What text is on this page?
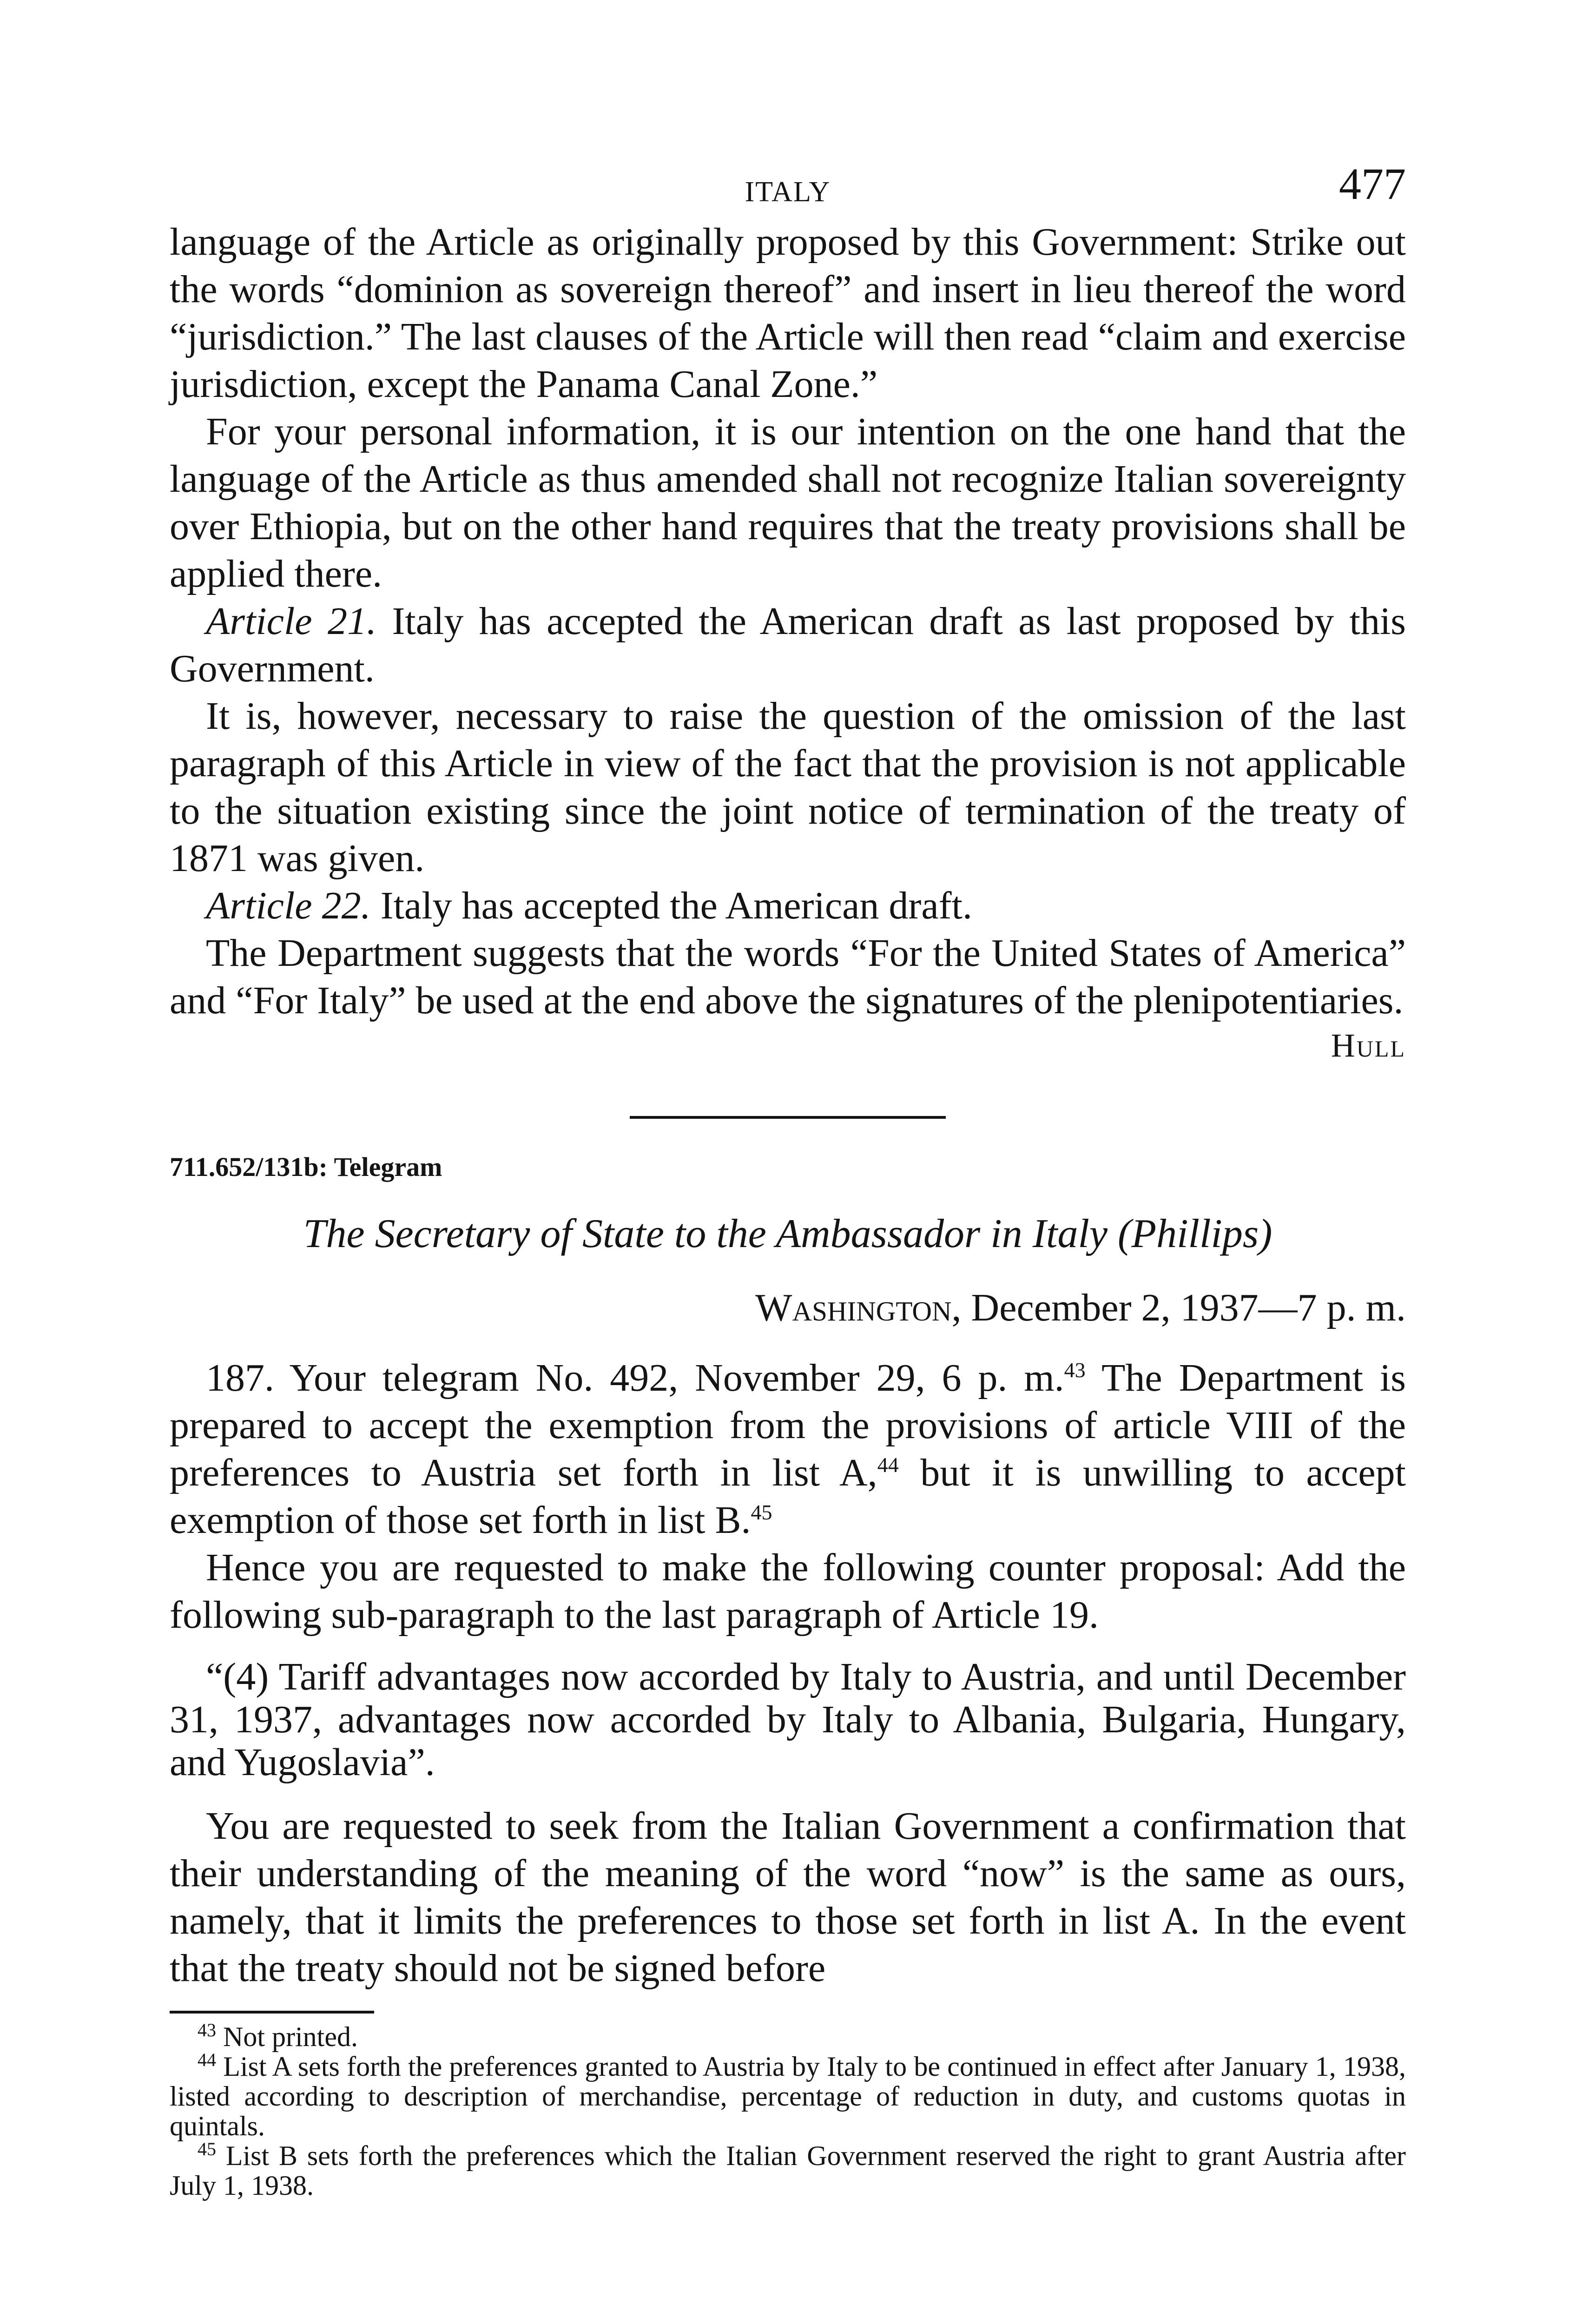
ITALY	477

language of the Article as originally proposed by this Government: Strike out the words “dominion as sovereign thereof” and insert in lieu thereof the word “jurisdiction.” The last clauses of the Article will then read “claim and exercise jurisdiction, except the Panama Canal Zone.”

For your personal information, it is our intention on the one hand that the language of the Article as thus amended shall not recognize Italian sovereignty over Ethiopia, but on the other hand requires that the treaty provisions shall be applied there.

Article 21. Italy has accepted the American draft as last proposed by this Government.

It is, however, necessary to raise the question of the omission of the last paragraph of this Article in view of the fact that the provision is not applicable to the situation existing since the joint notice of termination of the treaty of 1871 was given.

Article 22. Italy has accepted the American draft.

The Department suggests that the words “For the United States of America” and “For Italy” be used at the end above the signatures of the plenipotentiaries.

Hull
711.652/131b: Telegram
The Secretary of State to the Ambassador in Italy (Phillips)
Washington, December 2, 1937—7 p. m.

187. Your telegram No. 492, November 29, 6 p. m.$^{43}$ The Department is prepared to accept the exemption from the provisions of article VIII of the preferences to Austria set forth in list A,$^{44}$ but it is unwilling to accept exemption of those set forth in list B.$^{45}$

Hence you are requested to make the following counter proposal: Add the following sub-paragraph to the last paragraph of Article 19.

“(4) Tariff advantages now accorded by Italy to Austria, and until December 31, 1937, advantages now accorded by Italy to Albania, Bulgaria, Hungary, and Yugoslavia”.

You are requested to seek from the Italian Government a confirmation that their understanding of the meaning of the word “now” is the same as ours, namely, that it limits the preferences to those set forth in list A. In the event that the treaty should not be signed before

$^{43}$ Not printed.
$^{44}$ List A sets forth the preferences granted to Austria by Italy to be continued in effect after January 1, 1938, listed according to description of merchandise, percentage of reduction in duty, and customs quotas in quintals.
$^{45}$ List B sets forth the preferences which the Italian Government reserved the right to grant Austria after July 1, 1938.
